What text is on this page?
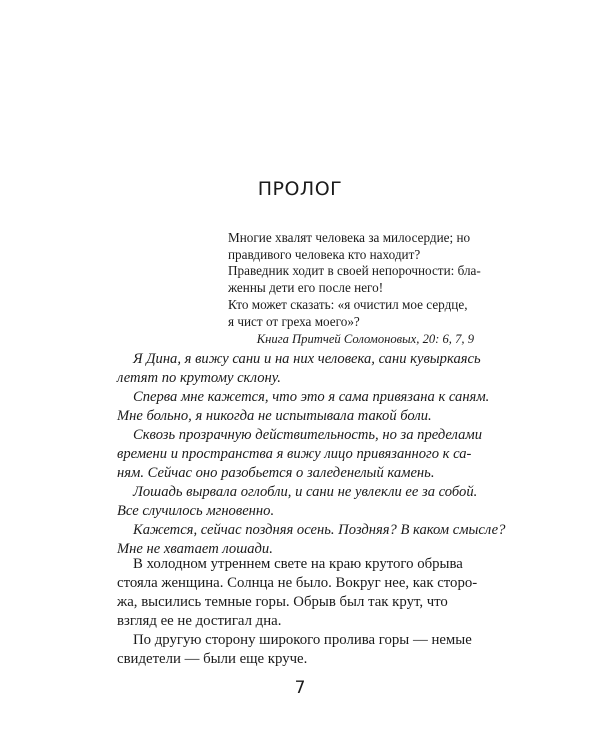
ПРОЛОГ
Многие хвалят человека за милосердие; но
правдивого человека кто находит?
Праведник ходит в своей непорочности: бла-
женны дети его после него!
Кто может сказать: «я очистил мое сердце,
я чист от греха моего»?
Книга Притчей Соломоновых, 20: 6, 7, 9
Я Дина, я вижу сани и на них человека, сани кувыркаясь
летят по крутому склону.
Сперва мне кажется, что это я сама привязана к саням.
Мне больно, я никогда не испытывала такой боли.
Сквозь прозрачную действительность, но за пределами
времени и пространства я вижу лицо привязанного к са-
ням. Сейчас оно разобьется о заледенелый камень.
Лошадь вырвала оглобли, и сани не увлекли ее за собой.
Все случилось мгновенно.
Кажется, сейчас поздняя осень. Поздняя? В каком смысле?
Мне не хватает лошади.
В холодном утреннем свете на краю крутого обрыва
стояла женщина. Солнца не было. Вокруг нее, как сторо-
жа, высились темные горы. Обрыв был так крут, что
взгляд ее не достигал дна.
По другую сторону широкого пролива горы — немые
свидетели — были еще круче.
7
